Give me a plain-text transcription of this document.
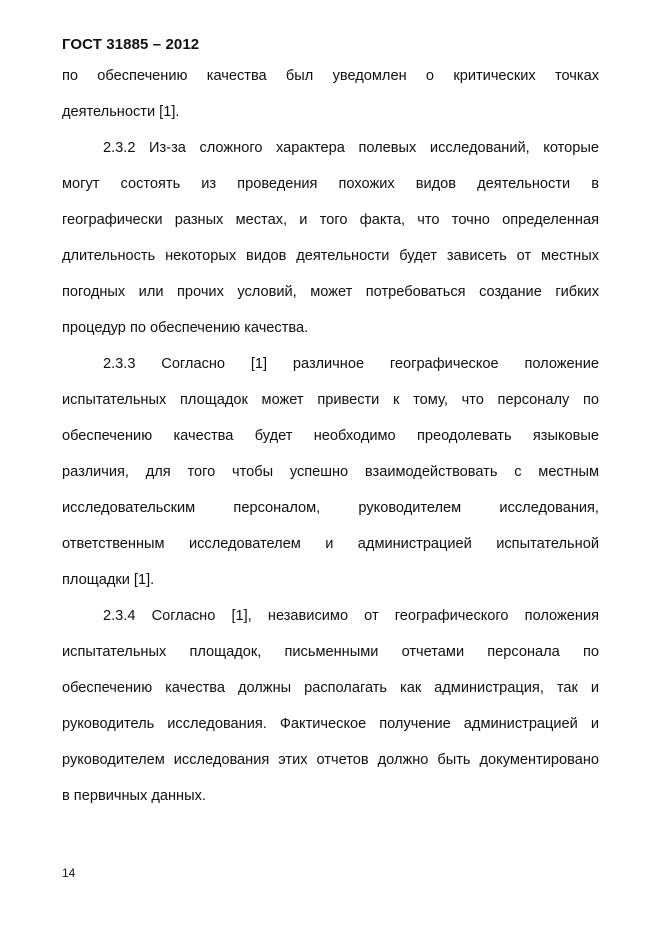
ГОСТ 31885 – 2012
по обеспечению качества был уведомлен о критических точках
деятельности [1].
2.3.2 Из-за сложного характера полевых исследований, которые
могут состоять из проведения похожих видов деятельности в
географически разных местах, и того факта, что точно определенная
длительность некоторых видов деятельности будет зависеть от местных
погодных или прочих условий, может потребоваться создание гибких
процедур по обеспечению качества.
2.3.3 Согласно [1] различное географическое положение
испытательных площадок может привести к тому, что персоналу по
обеспечению качества будет необходимо преодолевать языковые
различия, для того чтобы успешно взаимодействовать с местным
исследовательским персоналом, руководителем исследования,
ответственным исследователем и администрацией испытательной
площадки [1].
2.3.4 Согласно [1], независимо от географического положения
испытательных площадок, письменными отчетами персонала по
обеспечению качества должны располагать как администрация, так и
руководитель исследования. Фактическое получение администрацией и
руководителем исследования этих отчетов должно быть документировано
в первичных данных.
14
